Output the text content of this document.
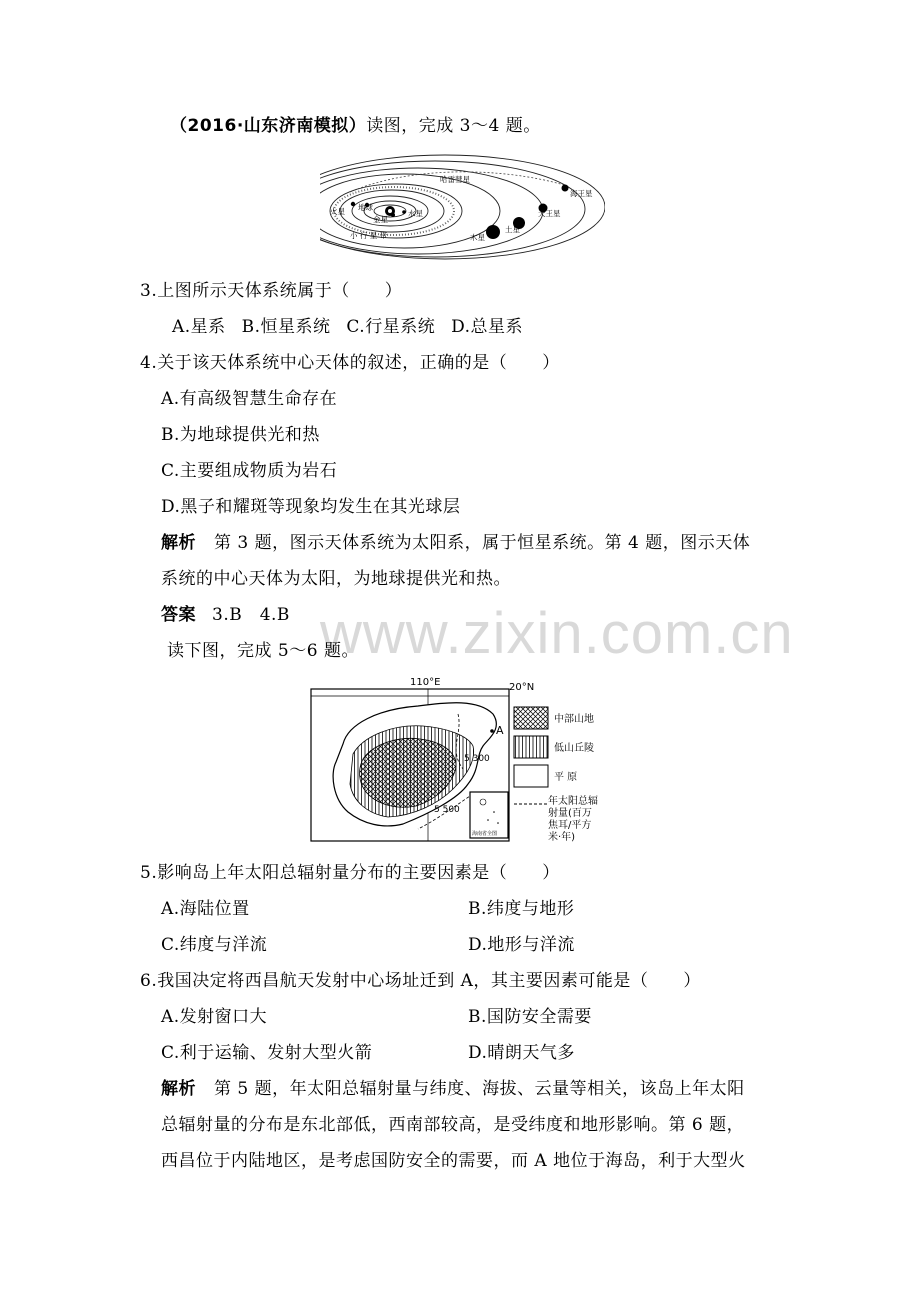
（2016·山东济南模拟）读图，完成 3～4 题。
哈雷彗星
火星 地球
金星
水星
木星
土星
天王星
海王星
小 行 星 带
3.上图所示天体系统属于（　　）
A.星系 B.恒星系统 C.行星系统 D.总星系
4.关于该天体系统中心天体的叙述，正确的是（　　）
A.有高级智慧生命存在
B.为地球提供光和热
C.主要组成物质为岩石
D.黑子和耀斑等现象均发生在其光球层
解析 第 3 题，图示天体系统为太阳系，属于恒星系统。第 4 题，图示天体
系统的中心天体为太阳，为地球提供光和热。
答案 3.B　4.B www.zixin.com.cn
读下图，完成 5～6 题。
110°E	20°N
A
5 300
5 500
海南省全图
中部山地
低山丘陵
平 原
年太阳总辐
射量(百万
焦耳/平方
米·年)
5.影响岛上年太阳总辐射量分布的主要因素是（　　）
A.海陆位置	B.纬度与地形
C.纬度与洋流	D.地形与洋流
6.我国决定将西昌航天发射中心场址迁到 A，其主要因素可能是（　　）
A.发射窗口大	B.国防安全需要
C.利于运输、发射大型火箭	D.晴朗天气多
解析 第 5 题，年太阳总辐射量与纬度、海拔、云量等相关，该岛上年太阳
总辐射量的分布是东北部低，西南部较高，是受纬度和地形影响。第 6 题，
西昌位于内陆地区，是考虑国防安全的需要，而 A 地位于海岛，利于大型火
